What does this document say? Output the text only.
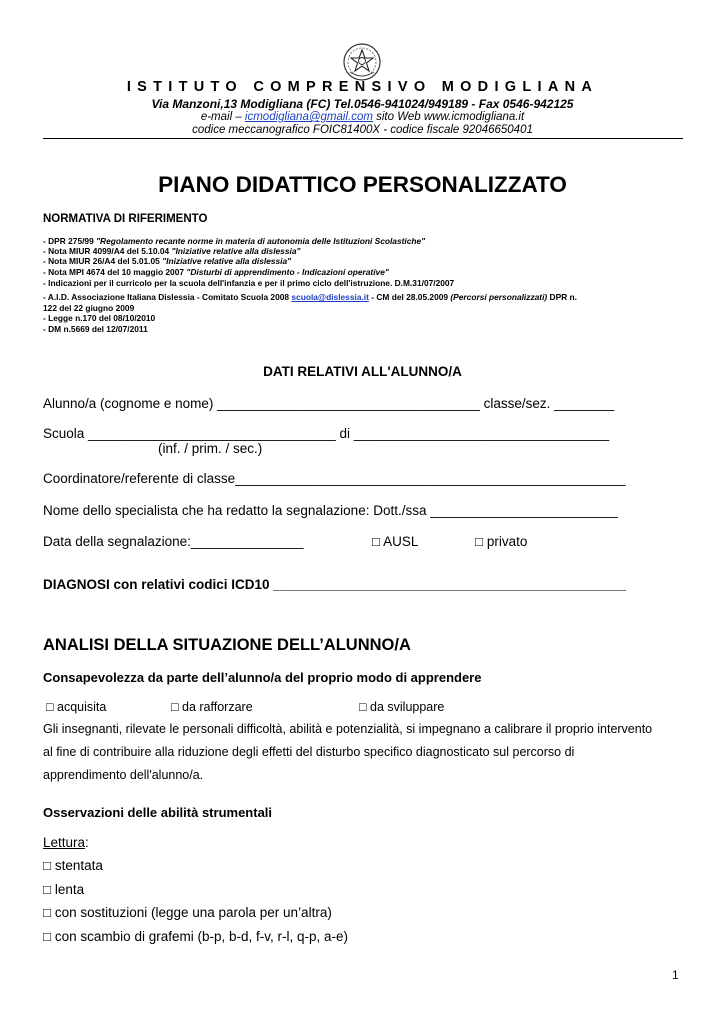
ISTITUTO COMPRENSIVO MODIGLIANA
Via Manzoni,13 Modigliana (FC) Tel.0546-941024/949189 - Fax 0546-942125
e-mail – icmodigliana@gmail.com sito Web www.icmodigliana.it
codice meccanografico FOIC81400X - codice fiscale 92046650401
PIANO DIDATTICO PERSONALIZZATO
NORMATIVA DI RIFERIMENTO
- DPR 275/99 "Regolamento recante norme in materia di autonomia delle Istituzioni Scolastiche"
- Nota MIUR 4099/A4 del 5.10.04 "Iniziative relative alla dislessia"
- Nota MIUR 26/A4 del 5.01.05 "Iniziative relative alla dislessia"
- Nota MPI 4674 del 10 maggio 2007 "Disturbi di apprendimento - Indicazioni operative"
- Indicazioni per il curricolo per la scuola dell'infanzia e per il primo ciclo dell'istruzione. D.M.31/07/2007
- A.I.D. Associazione Italiana Dislessia - Comitato Scuola 2008 scuola@dislessia.it - CM del 28.05.2009 (Percorsi personalizzati) DPR n.
122 del 22 giugno 2009
- Legge n.170 del 08/10/2010
- DM n.5669 del 12/07/2011
DATI RELATIVI ALL'ALUNNO/A
Alunno/a (cognome e nome) ___________________________________ classe/sez. ________
Scuola _________________________________ di __________________________________
(inf. / prim. / sec.)
Coordinatore/referente di classe____________________________________________________
Nome dello specialista che ha redatto la segnalazione: Dott./ssa _________________________
Data della segnalazione:_______________	□ AUSL	□ privato
DIAGNOSI con relativi codici ICD10 _______________________________________________
ANALISI DELLA SITUAZIONE DELL’ALUNNO/A
Consapevolezza da parte dell’alunno/a del proprio modo di apprendere
□ acquisita	□ da rafforzare	□ da sviluppare
Gli insegnanti, rilevate le personali difficoltà, abilità e potenzialità, si impegnano a calibrare il proprio intervento
al fine di contribuire alla riduzione degli effetti del disturbo specifico diagnosticato sul percorso di
apprendimento dell'alunno/a.
Osservazioni delle abilità strumentali
Lettura:
□ stentata
□ lenta
□ con sostituzioni (legge una parola per un’altra)
□ con scambio di grafemi (b-p, b-d, f-v, r-l, q-p, a-e)
1
